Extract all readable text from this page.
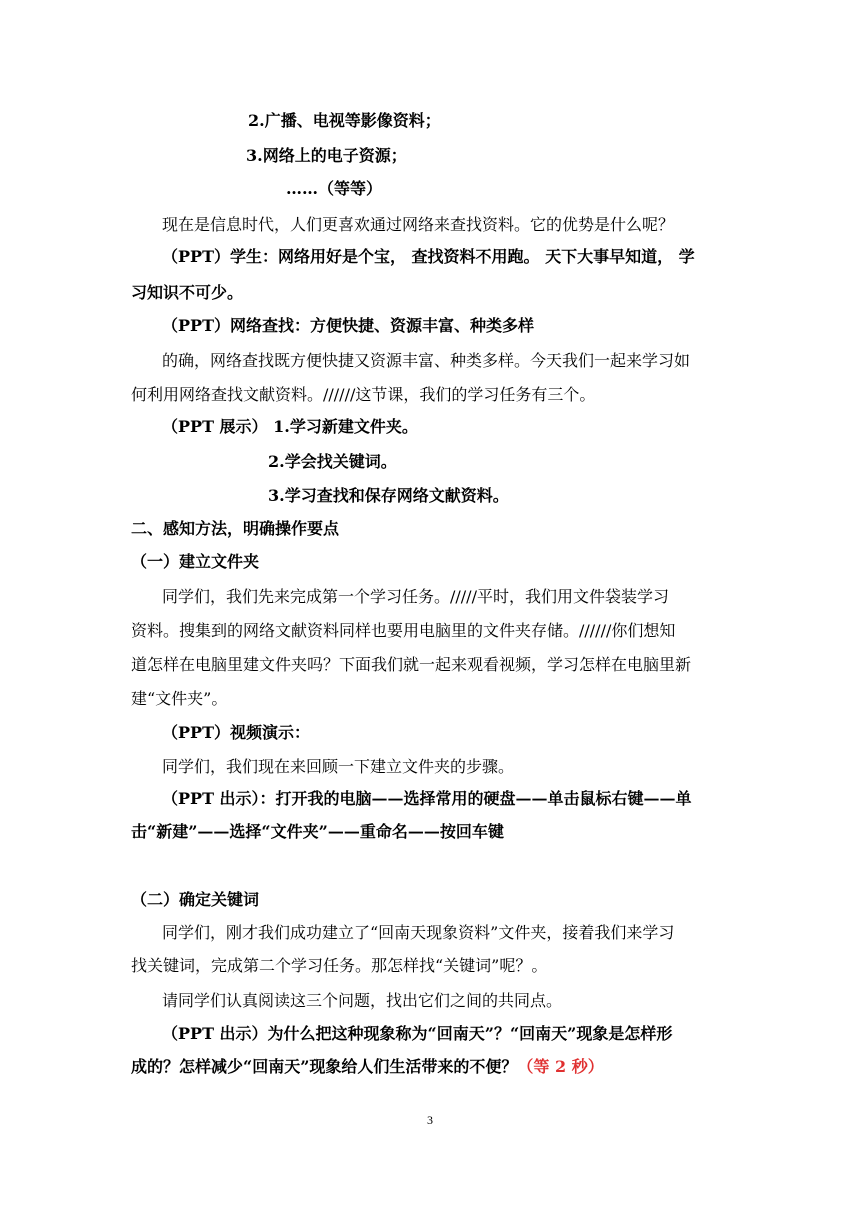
2.广播、电视等影像资料；
3.网络上的电子资源；
……（等等）
现在是信息时代，人们更喜欢通过网络来查找资料。它的优势是什么呢？
（PPT）学生：网络用好是个宝， 查找资料不用跑。 天下大事早知道， 学
习知识不可少。
（PPT）网络查找：方便快捷、资源丰富、种类多样
的确，网络查找既方便快捷又资源丰富、种类多样。今天我们一起来学习如
何利用网络查找文献资料。//////这节课，我们的学习任务有三个。
（PPT 展示） 1.学习新建文件夹。
2.学会找关键词。
3.学习查找和保存网络文献资料。
二、感知方法，明确操作要点
（一）建立文件夹
同学们，我们先来完成第一个学习任务。/////平时，我们用文件袋装学习
资料。搜集到的网络文献资料同样也要用电脑里的文件夹存储。//////你们想知
道怎样在电脑里建文件夹吗？下面我们就一起来观看视频，学习怎样在电脑里新
建“文件夹”。
（PPT）视频演示：
同学们，我们现在来回顾一下建立文件夹的步骤。
（PPT 出示）：打开我的电脑——选择常用的硬盘——单击鼠标右键——单
击“新建”——选择“文件夹”——重命名——按回车键
（二）确定关键词
同学们，刚才我们成功建立了“回南天现象资料”文件夹，接着我们来学习
找关键词，完成第二个学习任务。那怎样找“关键词”呢？。
请同学们认真阅读这三个问题，找出它们之间的共同点。
（PPT 出示）为什么把这种现象称为“回南天”？“回南天”现象是怎样形
成的？怎样减少“回南天”现象给人们生活带来的不便？（等 2 秒）
3
